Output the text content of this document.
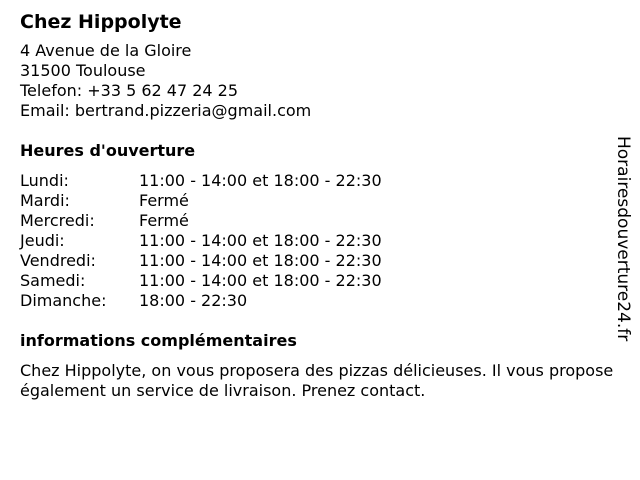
Chez Hippolyte
4 Avenue de la Gloire
31500 Toulouse
Telefon: +33 5 62 47 24 25
Email: bertrand.pizzeria@gmail.com
Heures d'ouverture
Lundi:	11:00 - 14:00 et 18:00 - 22:30
Mardi:	Fermé
Mercredi:	Fermé
Jeudi:	11:00 - 14:00 et 18:00 - 22:30
Vendredi:	11:00 - 14:00 et 18:00 - 22:30
Samedi:	11:00 - 14:00 et 18:00 - 22:30
Dimanche:	18:00 - 22:30
informations complémentaires
Chez Hippolyte, on vous proposera des pizzas délicieuses. Il vous propose également un service de livraison. Prenez contact.
Horairesdouverture24.fr
